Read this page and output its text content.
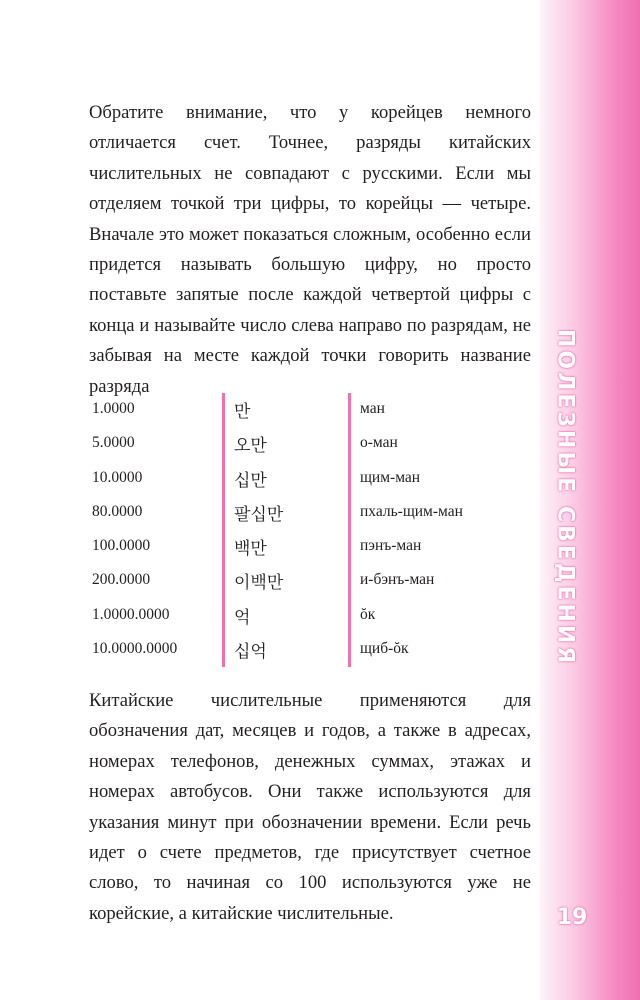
ПОЛЕЗНЫЕ СВЕДЕНИЯ
19

Обратите внимание, что у корейцев немного отличается счет. Точнее, разряды китайских числительных не совпадают с русскими. Если мы отделяем точкой три цифры, то корейцы — четыре. Вначале это может показаться сложным, особенно если придется называть большую цифру, но просто поставьте запятые после каждой четвертой цифры с конца и называйте число слева направо по разрядам, не забывая на месте каждой точки говорить название разряда

1.0000	만	ман
5.0000	오만	о-ман
10.0000	십만	щим-ман
80.0000	팔십만	пхаль-щим-ман
100.0000	백만	пэнъ-ман
200.0000	이백만	и-бэнъ-ман
1.0000.0000	억	ŏк
10.0000.0000	십억	щиб-ŏк

Китайские числительные применяются для обозначения дат, месяцев и годов, а также в адресах, номерах телефонов, денежных суммах, этажах и номерах автобусов. Они также используются для указания минут при обозначении времени. Если речь идет о счете предметов, где присутствует счетное слово, то начиная со 100 используются уже не корейские, а китайские числительные.
